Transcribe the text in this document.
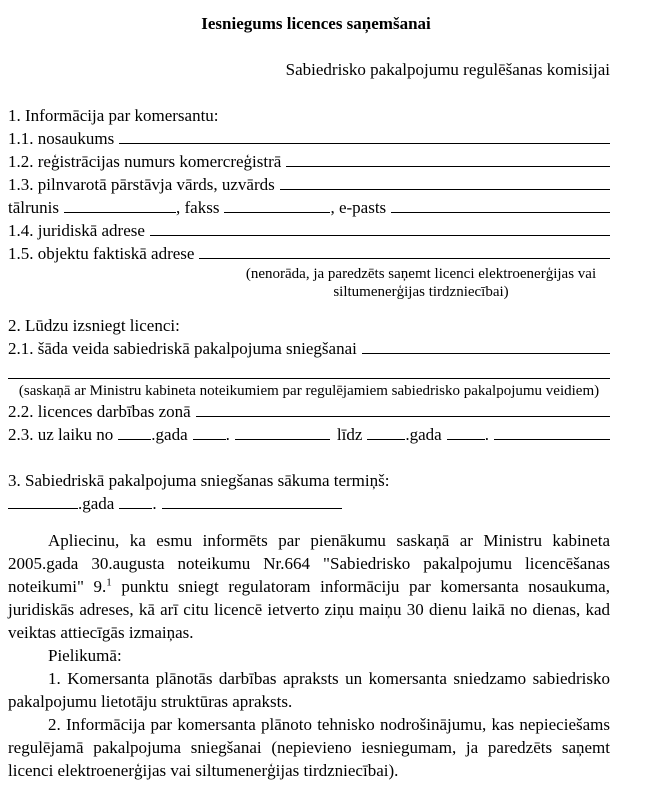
Iesniegums licences saņemšanai
Sabiedrisko pakalpojumu regulēšanas komisijai
1. Informācija par komersantu:
1.1. nosaukums
1.2. reģistrācijas numurs komercreģistrā
1.3. pilnvarotā pārstāvja vārds, uzvārds
tālrunis	, fakss	, e-pasts
1.4. juridiskā adrese
1.5. objektu faktiskā adrese
(nenorāda, ja paredzēts saņemt licenci elektroenerģijas vai siltumenerģijas tirdzniecībai)
2. Lūdzu izsniegt licenci:
2.1. šāda veida sabiedriskā pakalpojuma sniegšanai
(saskaņā ar Ministru kabineta noteikumiem par regulējamiem sabiedrisko pakalpojumu veidiem)
2.2. licences darbības zonā
2.3. uz laiku no .gada .	līdz	.gada	.
3. Sabiedriskā pakalpojuma sniegšanas sākuma termiņš:
.gada .

Apliecinu, ka esmu informēts par pienākumu saskaņā ar Ministru kabineta 2005.gada 30.augusta noteikumu Nr.664 "Sabiedrisko pakalpojumu licencēšanas noteikumi" 9.$^1$ punktu sniegt regulatoram informāciju par komersanta nosaukuma, juridiskās adreses, kā arī citu licencē ietverto ziņu maiņu 30 dienu laikā no dienas, kad veiktas attiecīgās izmaiņas.

Pielikumā:

1. Komersanta plānotās darbības apraksts un komersanta sniedzamo sabiedrisko pakalpojumu lietotāju struktūras apraksts.

2. Informācija par komersanta plānoto tehnisko nodrošinājumu, kas nepieciešams regulējamā pakalpojuma sniegšanai (nepievieno iesniegumam, ja paredzēts saņemt licenci elektroenerģijas vai siltumenerģijas tirdzniecībai).
